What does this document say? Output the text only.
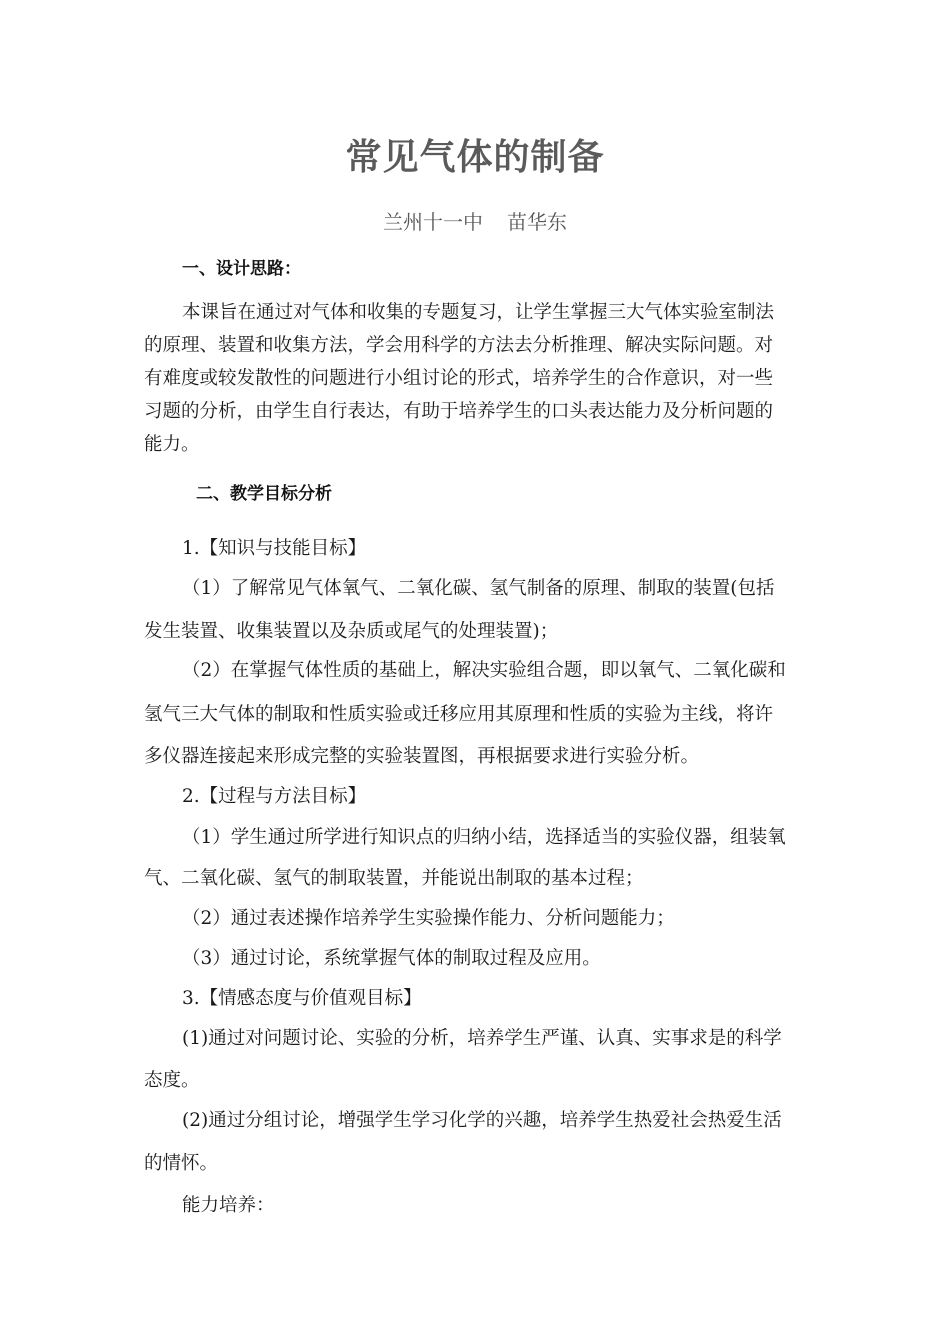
常见气体的制备
兰州十一中 苗华东
一、设计思路：
本课旨在通过对气体和收集的专题复习，让学生掌握三大气体实验室制法
的原理、装置和收集方法，学会用科学的方法去分析推理、解决实际问题。对
有难度或较发散性的问题进行小组讨论的形式，培养学生的合作意识，对一些
习题的分析，由学生自行表达，有助于培养学生的口头表达能力及分析问题的
能力。
二、教学目标分析
1.【知识与技能目标】
（1）了解常见气体氧气、二氧化碳、氢气制备的原理、制取的装置(包括
发生装置、收集装置以及杂质或尾气的处理装置)；
（2）在掌握气体性质的基础上，解决实验组合题，即以氧气、二氧化碳和
氢气三大气体的制取和性质实验或迁移应用其原理和性质的实验为主线，将许
多仪器连接起来形成完整的实验装置图，再根据要求进行实验分析。
2.【过程与方法目标】
（1）学生通过所学进行知识点的归纳小结，选择适当的实验仪器，组装氧
气、二氧化碳、氢气的制取装置，并能说出制取的基本过程；
（2）通过表述操作培养学生实验操作能力、分析问题能力；
（3）通过讨论，系统掌握气体的制取过程及应用。
3.【情感态度与价值观目标】
(1)通过对问题讨论、实验的分析，培养学生严谨、认真、实事求是的科学
态度。
(2)通过分组讨论，增强学生学习化学的兴趣，培养学生热爱社会热爱生活
的情怀。
能力培养：
